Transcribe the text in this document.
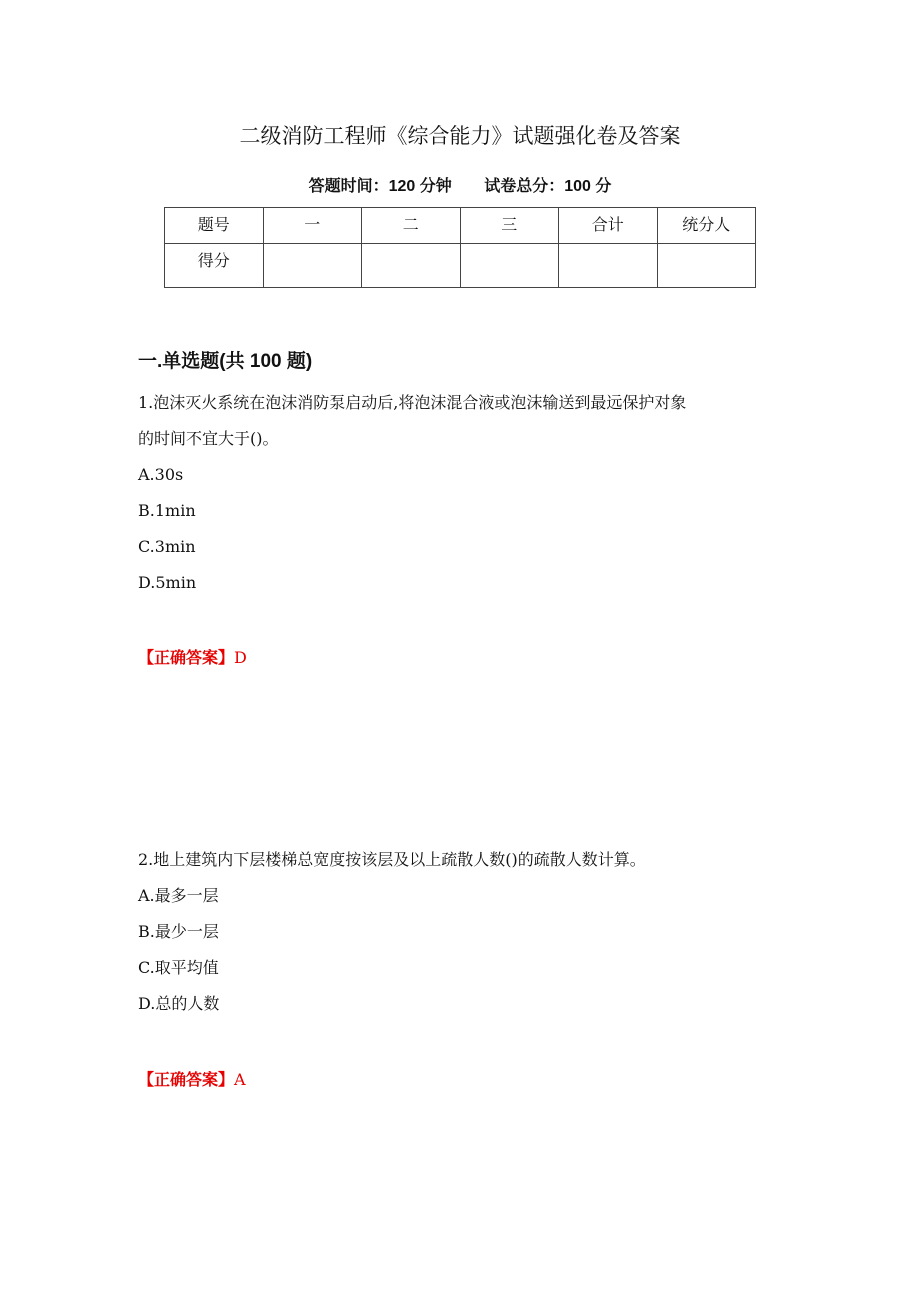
二级消防工程师《综合能力》试题强化卷及答案
答题时间：120 分钟 试卷总分：100 分
题号	一	二	三	合计	统分人
得分					
一.单选题(共 100 题)
1.泡沫灭火系统在泡沫消防泵启动后,将泡沫混合液或泡沫输送到最远保护对象
的时间不宜大于()。
A.30s
B.1min
C.3min
D.5min
【正确答案】D
2.地上建筑内下层楼梯总宽度按该层及以上疏散人数()的疏散人数计算。
A.最多一层
B.最少一层
C.取平均值
D.总的人数
【正确答案】A
